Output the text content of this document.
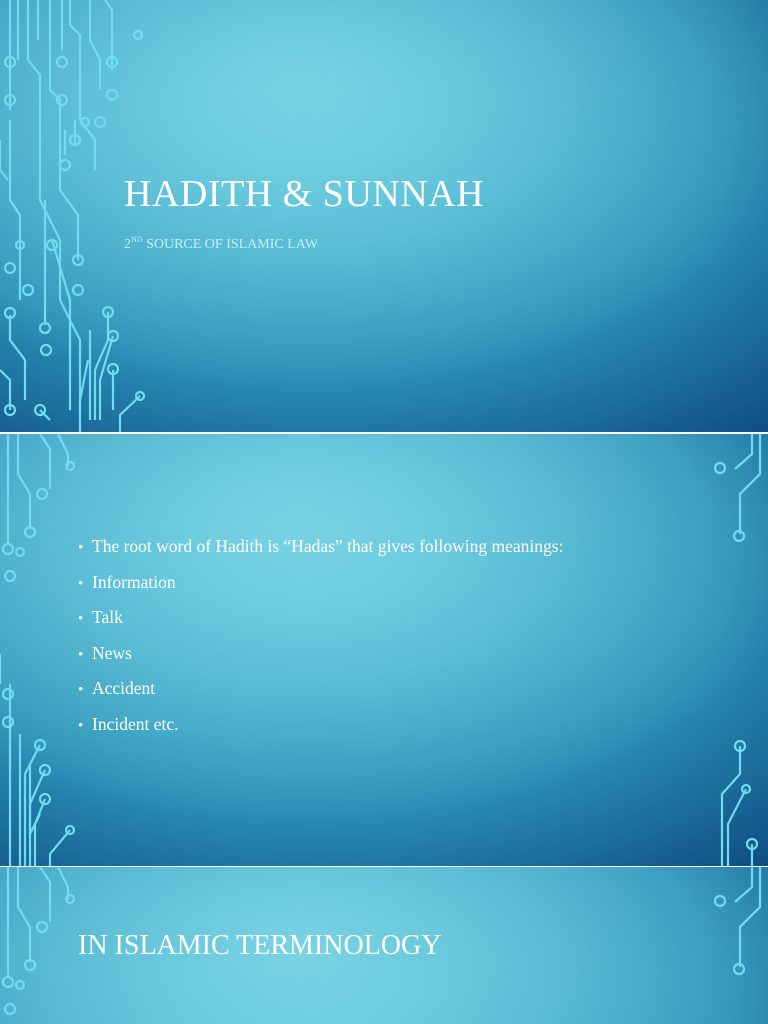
HADITH & SUNNAH
2ND SOURCE OF ISLAMIC LAW
• The root word of Hadith is “Hadas” that gives following meanings:
• Information
• Talk
• News
• Accident
• Incident etc.
IN ISLAMIC TERMINOLOGY
